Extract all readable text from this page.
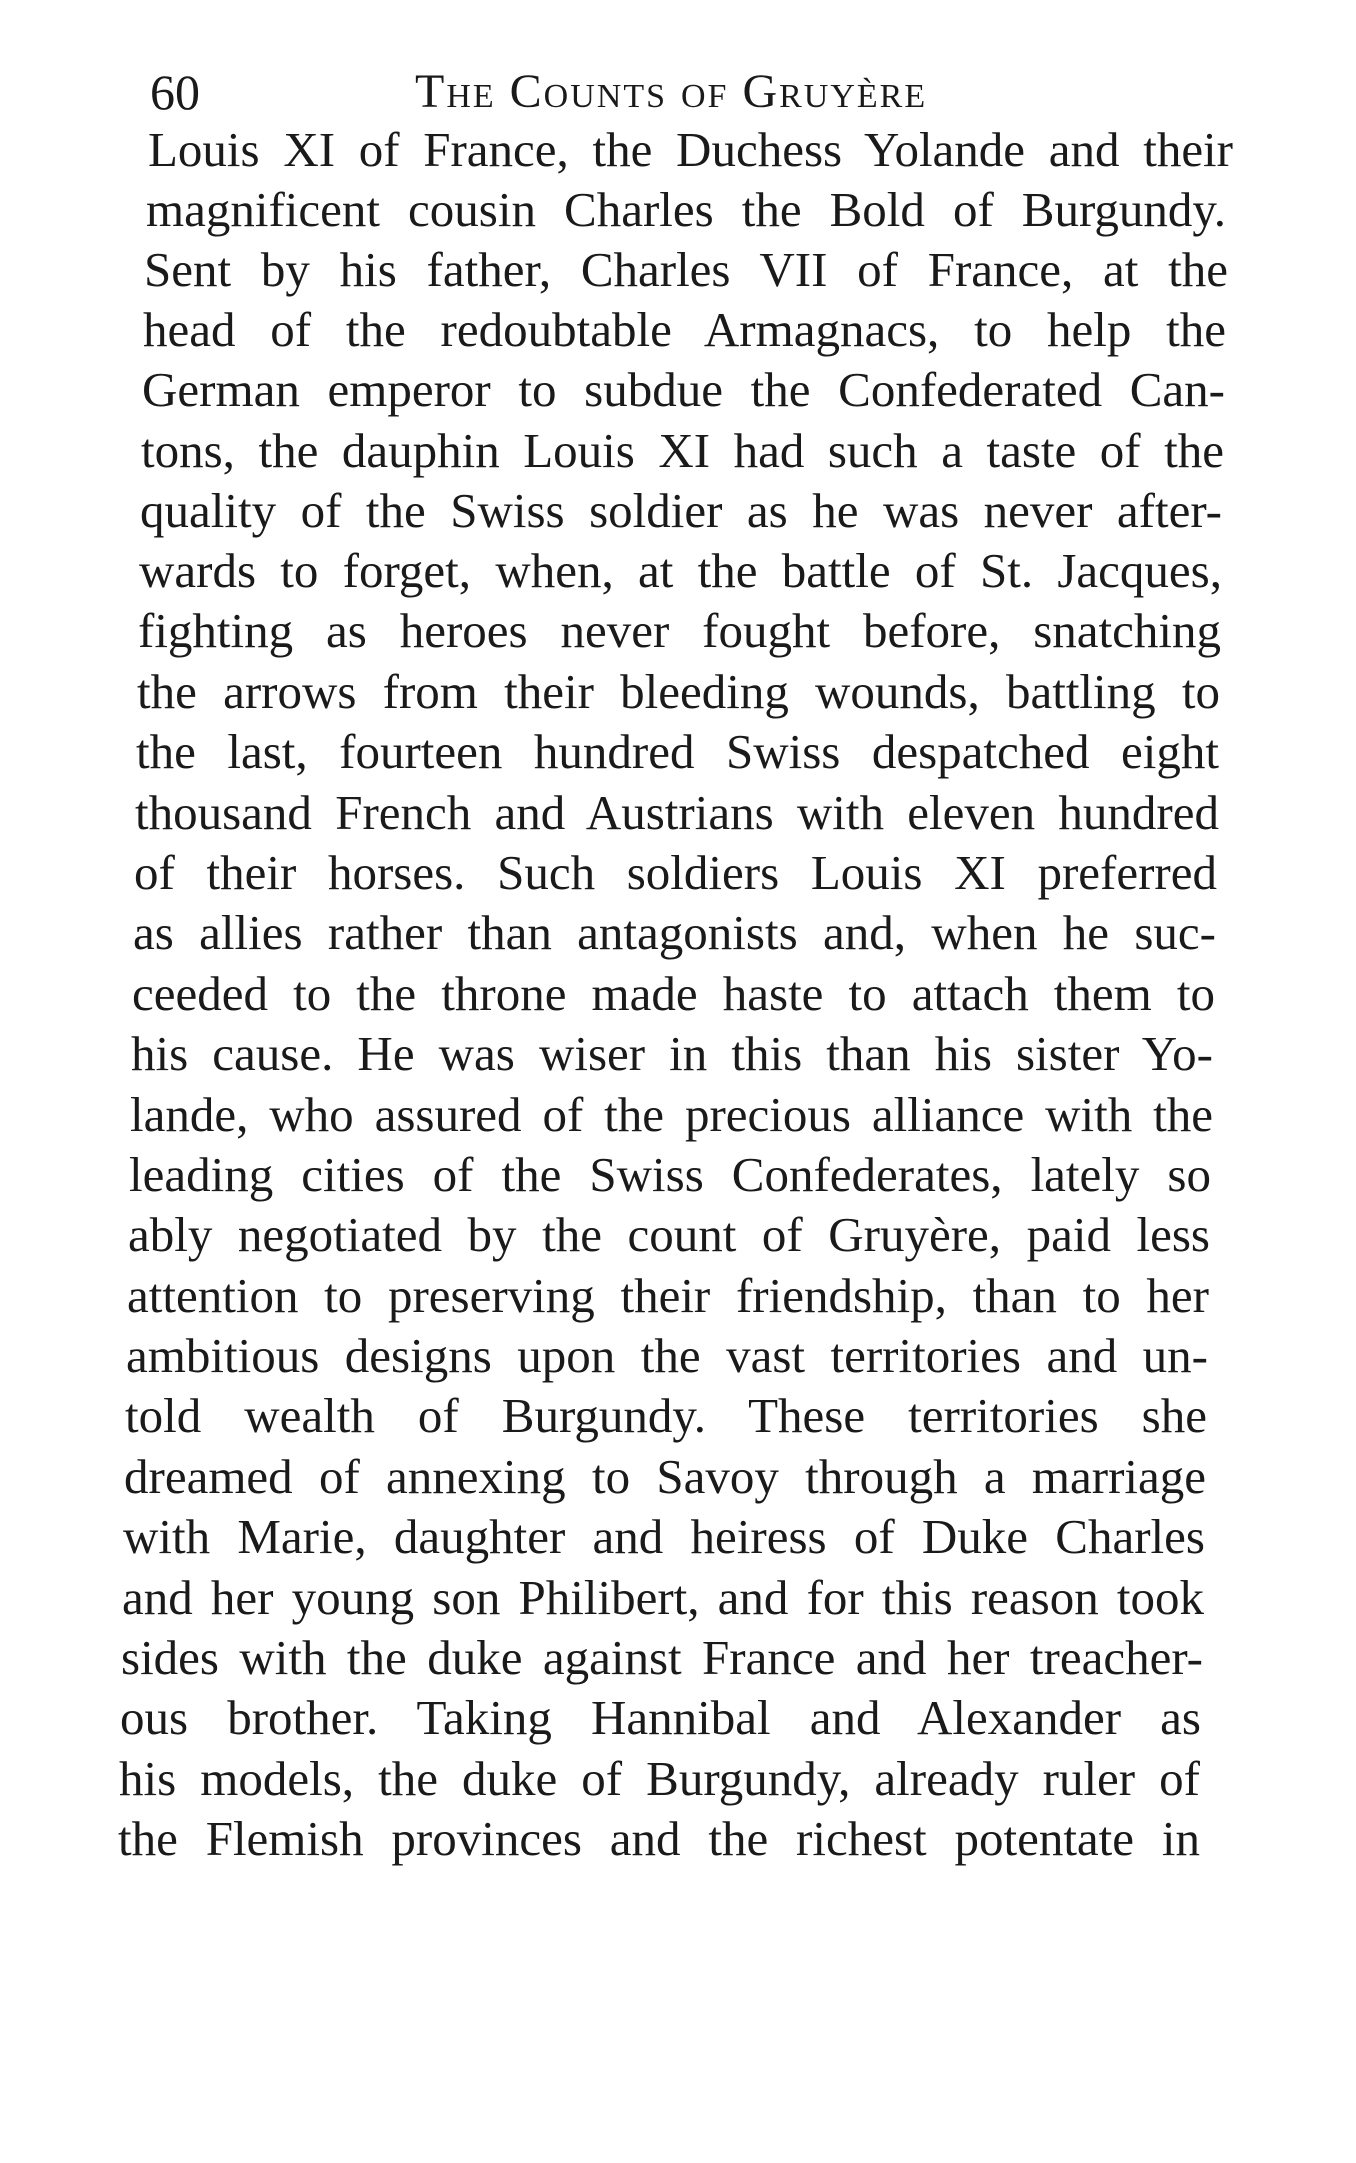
60	The Counts of Gruyère
Louis XI of France, the Duchess Yolande and their
magnificent cousin Charles the Bold of Burgundy.
Sent by his father, Charles VII of France, at the
head of the redoubtable Armagnacs, to help the
German emperor to subdue the Confederated Can-
tons, the dauphin Louis XI had such a taste of the
quality of the Swiss soldier as he was never after-
wards to forget, when, at the battle of St. Jacques,
fighting as heroes never fought before, snatching
the arrows from their bleeding wounds, battling to
the last, fourteen hundred Swiss despatched eight
thousand French and Austrians with eleven hundred
of their horses. Such soldiers Louis XI preferred
as allies rather than antagonists and, when he suc-
ceeded to the throne made haste to attach them to
his cause. He was wiser in this than his sister Yo-
lande, who assured of the precious alliance with the
leading cities of the Swiss Confederates, lately so
ably negotiated by the count of Gruyère, paid less
attention to preserving their friendship, than to her
ambitious designs upon the vast territories and un-
told wealth of Burgundy. These territories she
dreamed of annexing to Savoy through a marriage
with Marie, daughter and heiress of Duke Charles
and her young son Philibert, and for this reason took
sides with the duke against France and her treacher-
ous brother. Taking Hannibal and Alexander as
his models, the duke of Burgundy, already ruler of
the Flemish provinces and the richest potentate in
